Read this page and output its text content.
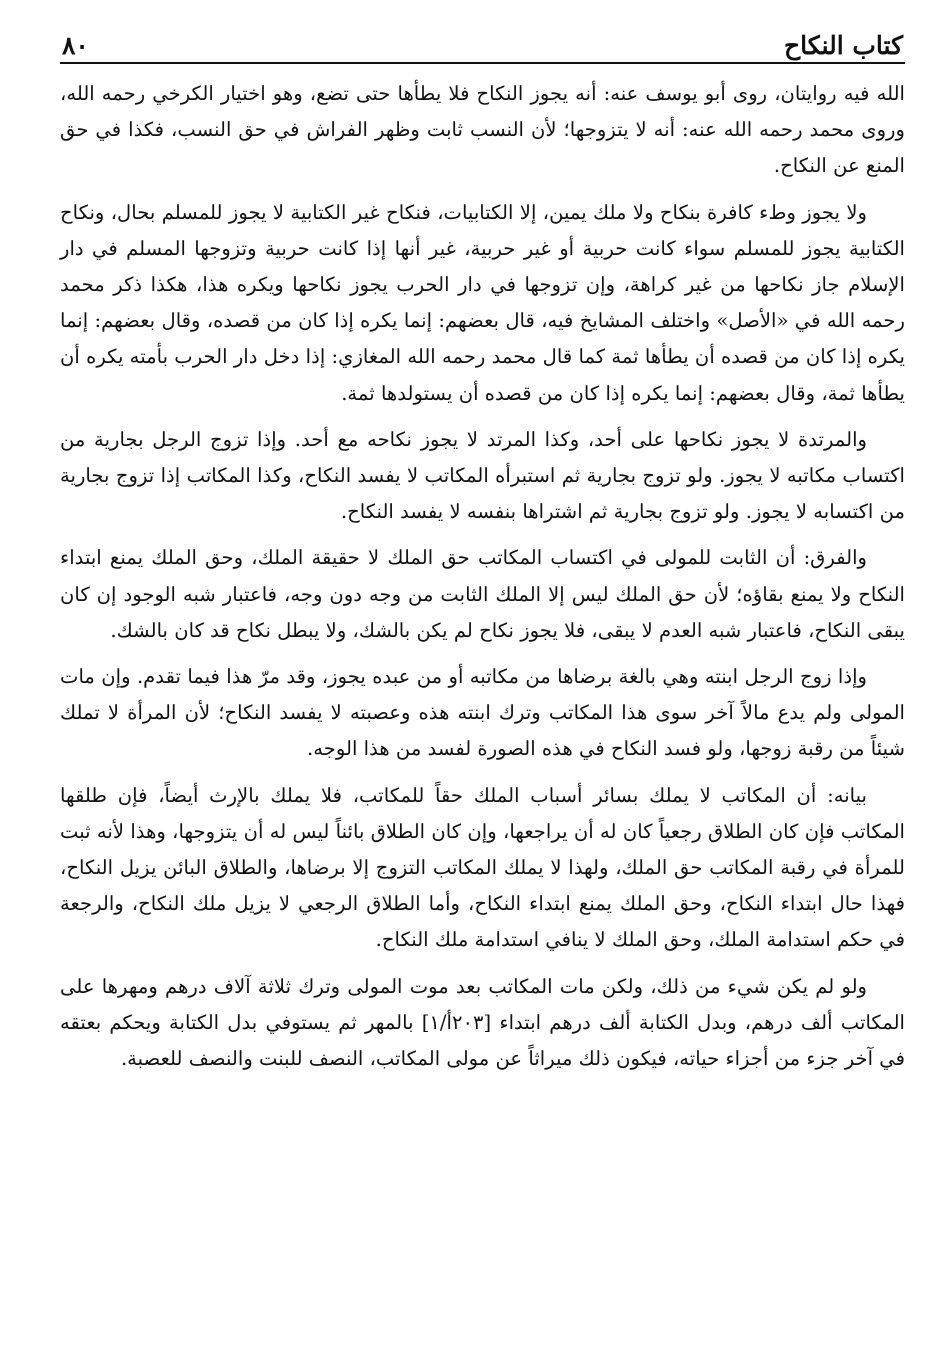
كتاب النكاح
٨٠

الله فيه روايتان، روى أبو يوسف عنه: أنه يجوز النكاح فلا يطأها حتى تضع، وهو اختيار الكرخي رحمه الله، وروى محمد رحمه الله عنه: أنه لا يتزوجها؛ لأن النسب ثابت وظهر الفراش في حق النسب، فكذا في حق المنع عن النكاح.

ولا يجوز وطء كافرة بنكاح ولا ملك يمين، إلا الكتابيات، فنكاح غير الكتابية لا يجوز للمسلم بحال، ونكاح الكتابية يجوز للمسلم سواء كانت حربية أو غير حربية، غير أنها إذا كانت حربية وتزوجها المسلم في دار الإسلام جاز نكاحها من غير كراهة، وإن تزوجها في دار الحرب يجوز نكاحها ويكره هذا، هكذا ذكر محمد رحمه الله في «الأصل» واختلف المشايخ فيه، قال بعضهم: إنما يكره إذا كان من قصده، وقال بعضهم: إنما يكره إذا كان من قصده أن يطأها ثمة كما قال محمد رحمه الله المغازي: إذا دخل دار الحرب بأمته يكره أن يطأها ثمة، وقال بعضهم: إنما يكره إذا كان من قصده أن يستولدها ثمة.

والمرتدة لا يجوز نكاحها على أحد، وكذا المرتد لا يجوز نكاحه مع أحد. وإذا تزوج الرجل بجارية من اكتساب مكاتبه لا يجوز. ولو تزوج بجارية ثم استبرأه المكاتب لا يفسد النكاح، وكذا المكاتب إذا تزوج بجارية من اكتسابه لا يجوز. ولو تزوج بجارية ثم اشتراها بنفسه لا يفسد النكاح.

والفرق: أن الثابت للمولى في اكتساب المكاتب حق الملك لا حقيقة الملك، وحق الملك يمنع ابتداء النكاح ولا يمنع بقاؤه؛ لأن حق الملك ليس إلا الملك الثابت من وجه دون وجه، فاعتبار شبه الوجود إن كان يبقى النكاح، فاعتبار شبه العدم لا يبقى، فلا يجوز نكاح لم يكن بالشك، ولا يبطل نكاح قد كان بالشك.

وإذا زوج الرجل ابنته وهي بالغة برضاها من مكاتبه أو من عبده يجوز، وقد مرّ هذا فيما تقدم. وإن مات المولى ولم يدع مالاً آخر سوى هذا المكاتب وترك ابنته هذه وعصبته لا يفسد النكاح؛ لأن المرأة لا تملك شيئاً من رقبة زوجها، ولو فسد النكاح في هذه الصورة لفسد من هذا الوجه.

بيانه: أن المكاتب لا يملك بسائر أسباب الملك حقاً للمكاتب، فلا يملك بالإرث أيضاً، فإن طلقها المكاتب فإن كان الطلاق رجعياً كان له أن يراجعها، وإن كان الطلاق بائناً ليس له أن يتزوجها، وهذا لأنه ثبت للمرأة في رقبة المكاتب حق الملك، ولهذا لا يملك المكاتب التزوج إلا برضاها، والطلاق البائن يزيل النكاح، فهذا حال ابتداء النكاح، وحق الملك يمنع ابتداء النكاح، وأما الطلاق الرجعي لا يزيل ملك النكاح، والرجعة في حكم استدامة الملك، وحق الملك لا ينافي استدامة ملك النكاح.

ولو لم يكن شيء من ذلك، ولكن مات المكاتب بعد موت المولى وترك ثلاثة آلاف درهم ومهرها على المكاتب ألف درهم، وبدل الكتابة ألف درهم ابتداء [٢٠٣أ/١] بالمهر ثم يستوفي بدل الكتابة ويحكم بعتقه في آخر جزء من أجزاء حياته، فيكون ذلك ميراثاً عن مولى المكاتب، النصف للبنت والنصف للعصبة.
